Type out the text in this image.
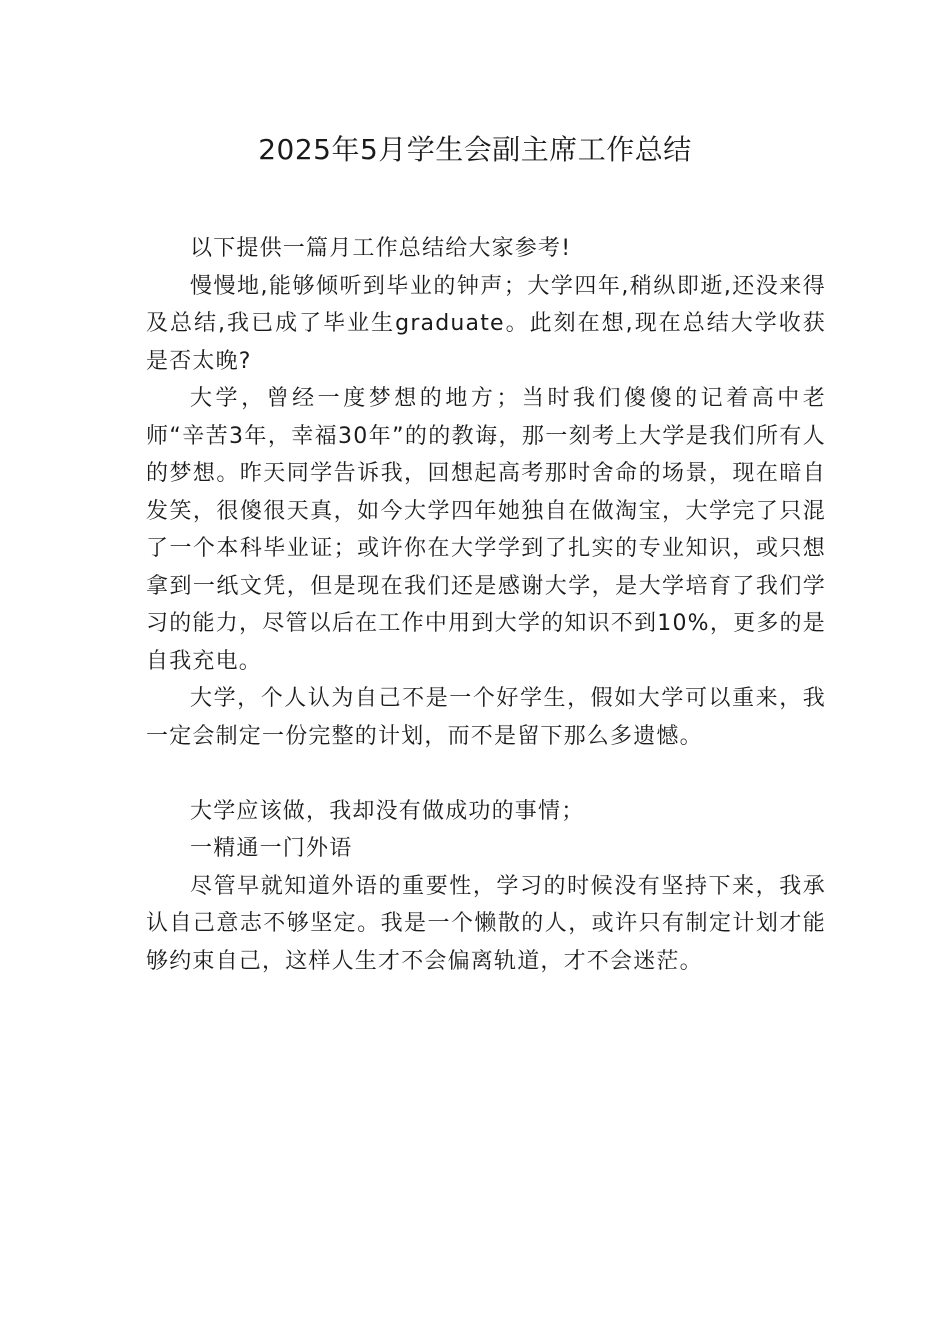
2025年5月学生会副主席工作总结

以下提供一篇月工作总结给大家参考!

慢慢地,能够倾听到毕业的钟声；大学四年,稍纵即逝,还没来得及总结,我已成了毕业生graduate。此刻在想,现在总结大学收获是否太晚?

大学，曾经一度梦想的地方；当时我们傻傻的记着高中老师“辛苦3年，幸福30年”的的教诲，那一刻考上大学是我们所有人的梦想。昨天同学告诉我，回想起高考那时舍命的场景，现在暗自发笑，很傻很天真，如今大学四年她独自在做淘宝，大学完了只混了一个本科毕业证；或许你在大学学到了扎实的专业知识，或只想拿到一纸文凭，但是现在我们还是感谢大学，是大学培育了我们学习的能力，尽管以后在工作中用到大学的知识不到10%，更多的是自我充电。

大学，个人认为自己不是一个好学生，假如大学可以重来，我一定会制定一份完整的计划，而不是留下那么多遗憾。

大学应该做，我却没有做成功的事情；

一精通一门外语

尽管早就知道外语的重要性，学习的时候没有坚持下来，我承认自己意志不够坚定。我是一个懒散的人，或许只有制定计划才能够约束自己，这样人生才不会偏离轨道，才不会迷茫。
